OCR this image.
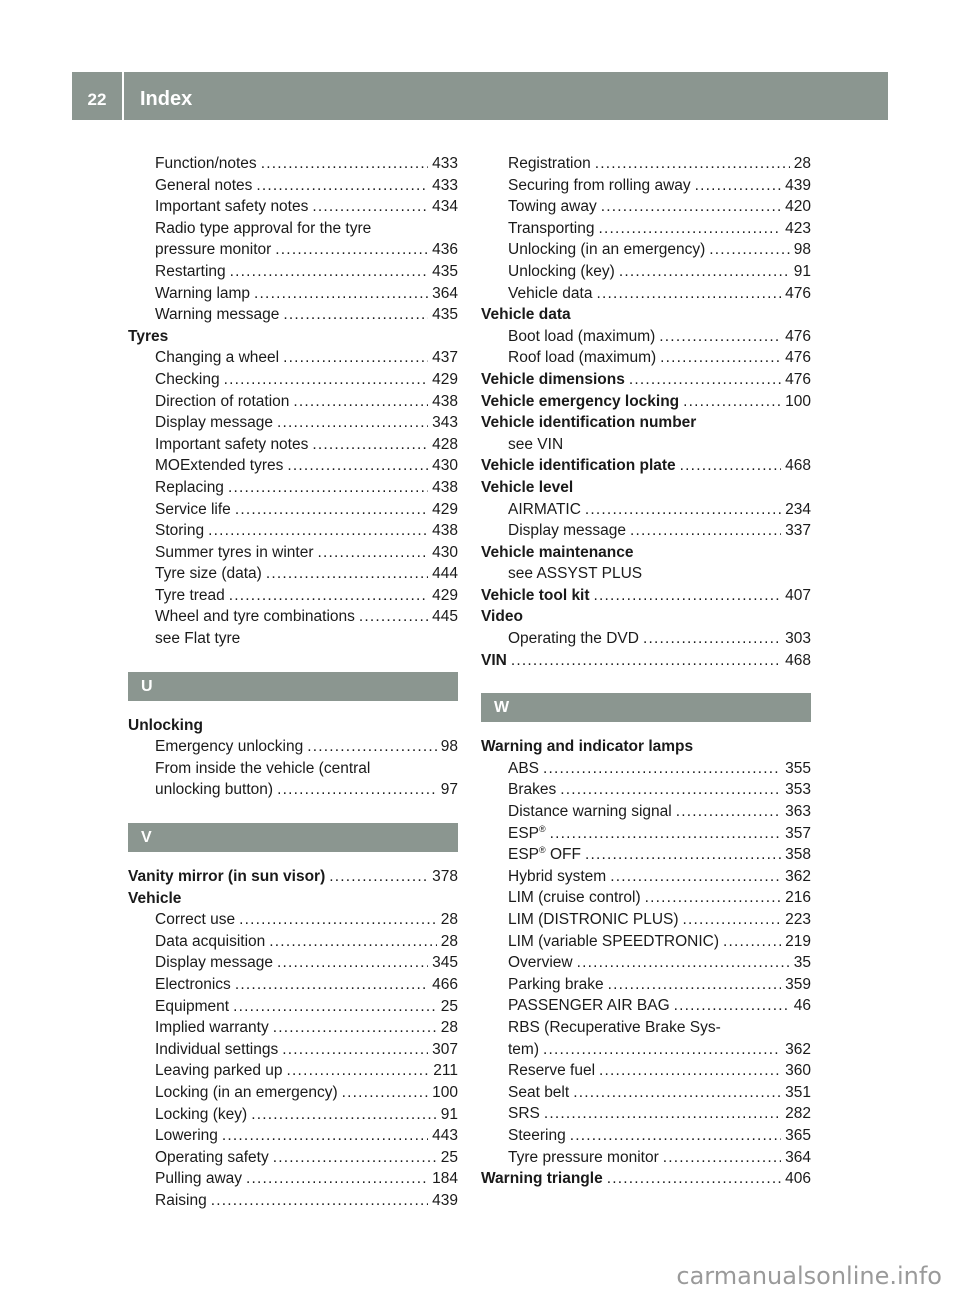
22	Index
Function/notes .....	433
General notes .....	433
Important safety notes .....	434
Radio type approval for the tyre
pressure monitor .....	436
Restarting .....	435
Warning lamp .....	364
Warning message .....	435
Tyres
Changing a wheel .....	437
Checking .....	429
Direction of rotation .....	438
Display message .....	343
Important safety notes .....	428
MOExtended tyres .....	430
Replacing .....	438
Service life .....	429
Storing .....	438
Summer tyres in winter .....	430
Tyre size (data) .....	444
Tyre tread .....	429
Wheel and tyre combinations .....	445
see Flat tyre
U
Unlocking
Emergency unlocking .....	98
From inside the vehicle (central
unlocking button) .....	97
V
Vanity mirror (in sun visor) .....	378
Vehicle
Correct use .....	28
Data acquisition .....	28
Display message .....	345
Electronics .....	466
Equipment .....	25
Implied warranty .....	28
Individual settings .....	307
Leaving parked up .....	211
Locking (in an emergency) .....	100
Locking (key) .....	91
Lowering .....	443
Operating safety .....	25
Pulling away .....	184
Raising .....	439
Registration .....	28
Securing from rolling away .....	439
Towing away .....	420
Transporting .....	423
Unlocking (in an emergency) .....	98
Unlocking (key) .....	91
Vehicle data .....	476
Vehicle data
Boot load (maximum) .....	476
Roof load (maximum) .....	476
Vehicle dimensions .....	476
Vehicle emergency locking .....	100
Vehicle identification number
see VIN
Vehicle identification plate .....	468
Vehicle level
AIRMATIC .....	234
Display message .....	337
Vehicle maintenance
see ASSYST PLUS
Vehicle tool kit .....	407
Video
Operating the DVD .....	303
VIN .....	468
W
Warning and indicator lamps
ABS .....	355
Brakes .....	353
Distance warning signal .....	363
ESP® .....	357
ESP® OFF .....	358
Hybrid system .....	362
LIM (cruise control) .....	216
LIM (DISTRONIC PLUS) .....	223
LIM (variable SPEEDTRONIC) .....	219
Overview .....	35
Parking brake .....	359
PASSENGER AIR BAG .....	46
RBS (Recuperative Brake Sys-
tem) .....	362
Reserve fuel .....	360
Seat belt .....	351
SRS .....	282
Steering .....	365
Tyre pressure monitor .....	364
Warning triangle .....	406
carmanualsonline.info
